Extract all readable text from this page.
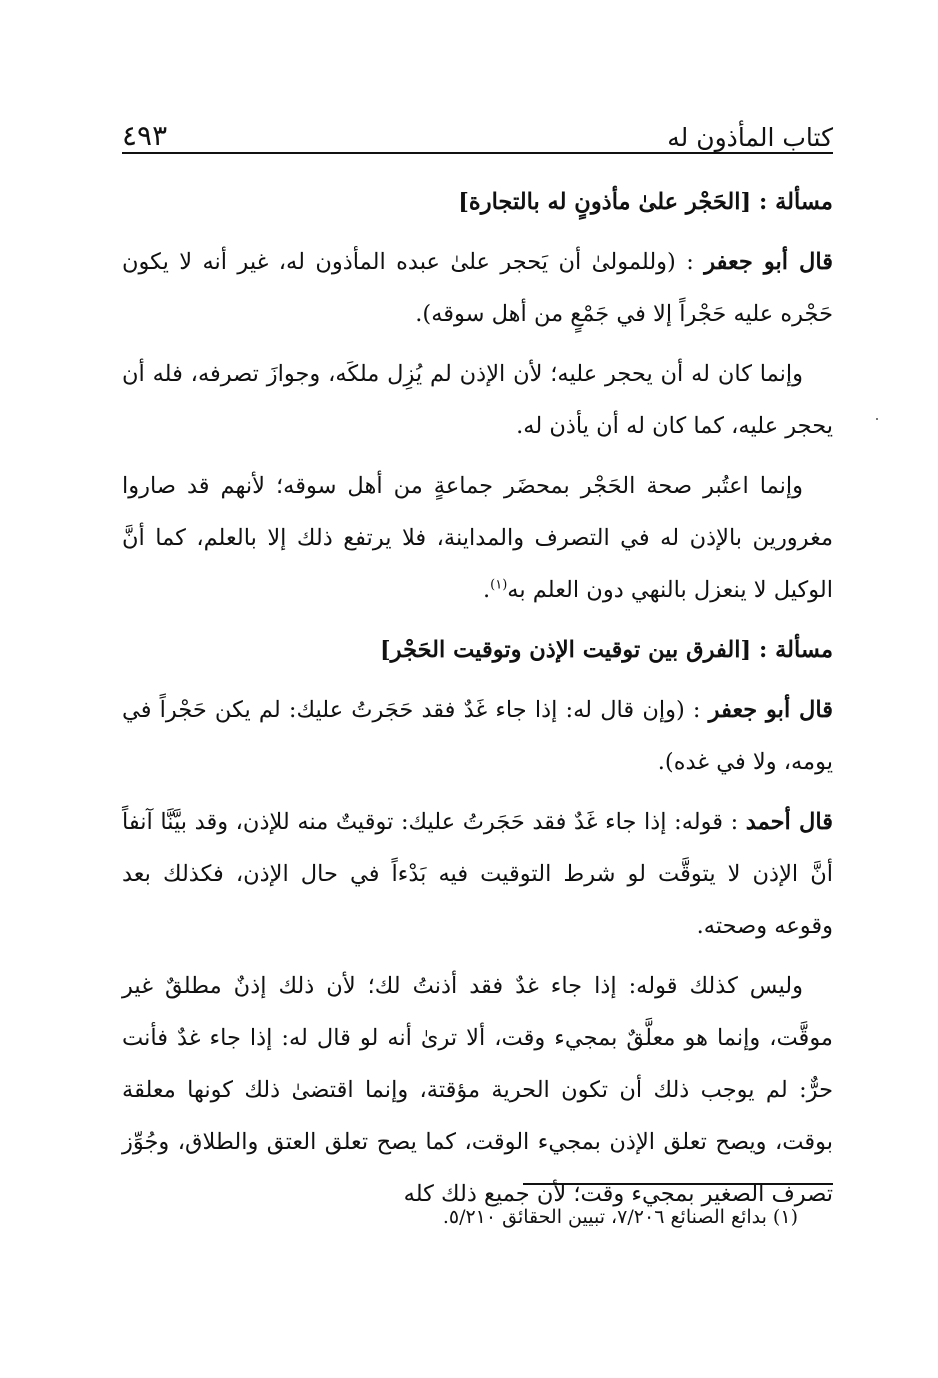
كتاب المأذون له
٤٩٣

مسألة : [الحَجْر علىٰ مأذونٍ له بالتجارة]

قال أبو جعفر : (وللمولىٰ أن يَحجر علىٰ عبده المأذون له، غير أنه لا يكون حَجْره عليه حَجْراً إلا في جَمْعٍ من أهل سوقه).

وإنما كان له أن يحجر عليه؛ لأن الإذن لم يُزِل ملكَه، وجوازَ تصرفه، فله أن يحجر عليه، كما كان له أن يأذن له.

وإنما اعتُبر صحة الحَجْر بمحضَر جماعةٍ من أهل سوقه؛ لأنهم قد صاروا مغرورين بالإذن له في التصرف والمداينة، فلا يرتفع ذلك إلا بالعلم، كما أنَّ الوكيل لا ينعزل بالنهي دون العلم به$^{(١)}$.

مسألة : [الفرق بين توقيت الإذن وتوقيت الحَجْر]

قال أبو جعفر : (وإن قال له: إذا جاء غَدٌ فقد حَجَرتُ عليك: لم يكن حَجْراً في يومه، ولا في غده).

قال أحمد : قوله: إذا جاء غَدٌ فقد حَجَرتُ عليك: توقيتٌ منه للإذن، وقد بيَّنَّا آنفاً أنَّ الإذن لا يتوقَّت لو شرط التوقيت فيه بَدْءاً في حال الإذن، فكذلك بعد وقوعه وصحته.

وليس كذلك قوله: إذا جاء غدٌ فقد أذنتُ لك؛ لأن ذلك إذنٌ مطلقٌ غير موقَّت، وإنما هو معلَّقٌ بمجيء وقت، ألا ترىٰ أنه لو قال له: إذا جاء غدٌ فأنت حرٌّ: لم يوجب ذلك أن تكون الحرية مؤقتة، وإنما اقتضىٰ ذلك كونها معلقة بوقت، ويصح تعلق الإذن بمجيء الوقت، كما يصح تعلق العتق والطلاق، وجُوِّز تصرف الصغير بمجيء وقت؛ لأن جميع ذلك كله

(١) بدائع الصنائع ٧/٢٠٦، تبيين الحقائق ٥/٢١٠.
